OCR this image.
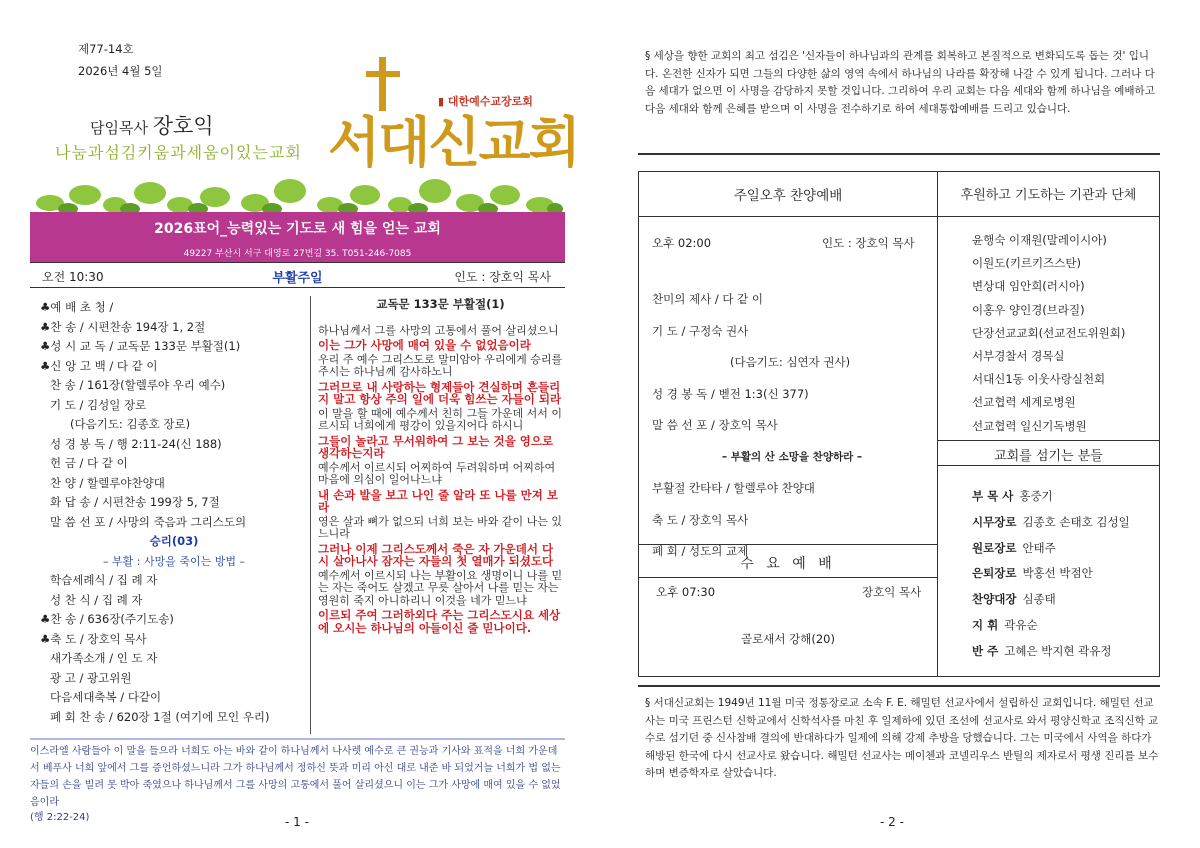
제77-14호
2026년 4월 5일
담임목사 장호익
나눔과섬김키움과세움이있는교회 서대신교회
▮ 대한예수교장로회
2026표어_능력있는 기도로 새 힘을 얻는 교회
49227 부산시 서구 대영로 27번길 35. T051-246-7085
오전 10:30	부활주일	인도 : 장호익 목사
♣예 배 초 청 /
♣찬 송 / 시편찬송 194장 1, 2절
♣성 시 교 독 / 교독문 133문 부활절(1)
♣신 앙 고 백 / 다 같 이
찬 송 / 161장(할렐루야 우리 예수)
기 도 / 김성일 장로
(다음기도: 김종호 장로)
성 경 봉 독 / 행 2:11-24(신 188)
헌 금 / 다 같 이
찬 양 / 할렐루야찬양대
화 답 송 / 시편찬송 199장 5, 7절
말 씀 선 포 / 사망의 죽음과 그리스도의
승리(03)
– 부활 : 사망을 죽이는 방법 –
학습세례식 / 집 례 자
성 찬 식 / 집 례 자
♣찬 송 / 636장(주기도송)
♣축 도 / 장호익 목사
새가족소개 / 인 도 자
광 고 / 광고위원
다음세대축복 / 다같이
폐 회 찬 송 / 620장 1절 (여기에 모인 우리)
교독문 133문 부활절(1)

하나님께서 그를 사망의 고통에서 풀어 살리셨으니

이는 그가 사망에 매여 있을 수 없었음이라

우리 주 예수 그리스도로 말미암아 우리에게 승리를 주시는 하나님께 감사하노니

그러므로 내 사랑하는 형제들아 견실하며 흔들리지 말고 항상 주의 일에 더욱 힘쓰는 자들이 되라

이 말을 할 때에 예수께서 친히 그들 가운데 서서 이르시되 너희에게 평강이 있을지어다 하시니

그들이 놀라고 무서워하여 그 보는 것을 영으로 생각하는지라

예수께서 이르시되 어찌하여 두려워하며 어찌하여 마음에 의심이 일어나느냐

내 손과 발을 보고 나인 줄 알라 또 나를 만져 보라

영은 살과 뼈가 없으되 너희 보는 바와 같이 나는 있느니라

그러나 이제 그리스도께서 죽은 자 가운데서 다시 살아나사 잠자는 자들의 첫 열매가 되셨도다

예수께서 이르시되 나는 부활이요 생명이니 나를 믿는 자는 죽어도 살겠고 무릇 살아서 나를 믿는 자는 영원히 죽지 아니하리니 이것을 네가 믿느냐

이르되 주여 그러하외다 주는 그리스도시요 세상에 오시는 하나님의 아들이신 줄 믿나이다.

이스라엘 사람들아 이 말을 들으라 너희도 아는 바와 같이 하나님께서 나사렛 예수로 큰 권능과 기사와 표적을 너희 가운데서 베푸사 너희 앞에서 그를 증언하셨느니라 그가 하나님께서 정하신 뜻과 미리 아신 대로 내준 바 되었거늘 너희가 법 없는 자들의 손을 빌려 못 박아 죽였으나 하나님께서 그를 사망의 고통에서 풀어 살리셨으니 이는 그가 사망에 매여 있을 수 없었음이라
(행 2:22-24)	- 1 -
§ 세상을 향한 교회의 최고 섬김은 '신자들이 하나님과의 관계를 회복하고 본질적으로 변화되도록 돕는 것' 입니다. 온전한 신자가 되면 그들의 다양한 삶의 영역 속에서 하나님의 나라를 확장해 나갈 수 있게 됩니다. 그러나 다음 세대가 없으면 이 사명을 감당하지 못할 것입니다. 그리하여 우리 교회는 다음 세대와 함께 하나님을 예배하고 다음 세대와 함께 은혜를 받으며 이 사명을 전수하기로 하여 세대통합예배를 드리고 있습니다.
주일오후 찬양예배
오후 02:00	인도 : 장호익 목사
찬미의 제사 / 다 같 이
기 도 / 구정숙 권사
(다음기도: 심연자 권사)
성 경 봉 독 / 벧전 1:3(신 377)
말 씀 선 포 / 장호익 목사
– 부활의 산 소망을 찬양하라 –
부활절 칸타타 / 할렐루야 찬양대
축 도 / 장호익 목사
폐 회 / 성도의 교제
수 요 예 배
오후 07:30	장호익 목사
골로새서 강해(20)
후원하고 기도하는 기관과 단체
윤행숙 이재원(말레이시아)
이원도(키르키즈스탄)
변상대 임안희(러시아)
이홍우 양인경(브라질)
단장선교교회(선교전도위원회)
서부경찰서 경목실
서대신1동 이웃사랑실천회
선교협력 세계로병원
선교협력 일신기독병원
교회를 섬기는 분들
부 목 사 홍중기
시무장로 김종호 손태호 김성일
원로장로 안태주
은퇴장로 박홍선 박점안
찬양대장 심종태
지 휘 곽유순
반 주 고혜은 박지현 곽유정
§ 서대신교회는 1949년 11월 미국 정통장로교 소속 F. E. 해밀턴 선교사에서 설립하신 교회입니다. 해밀턴 선교사는 미국 프린스턴 신학교에서 신학석사를 마친 후 일제하에 있던 조선에 선교사로 와서 평양신학교 조직신학 교수로 섬기던 중 신사참배 결의에 반대하다가 일제에 의해 강제 추방을 당했습니다. 그는 미국에서 사역을 하다가 해방된 한국에 다시 선교사로 왔습니다. 해밀턴 선교사는 메이첸과 코넬리우스 반틸의 제자로서 평생 진리를 보수하며 변증학자로 살았습니다.
- 2 -
